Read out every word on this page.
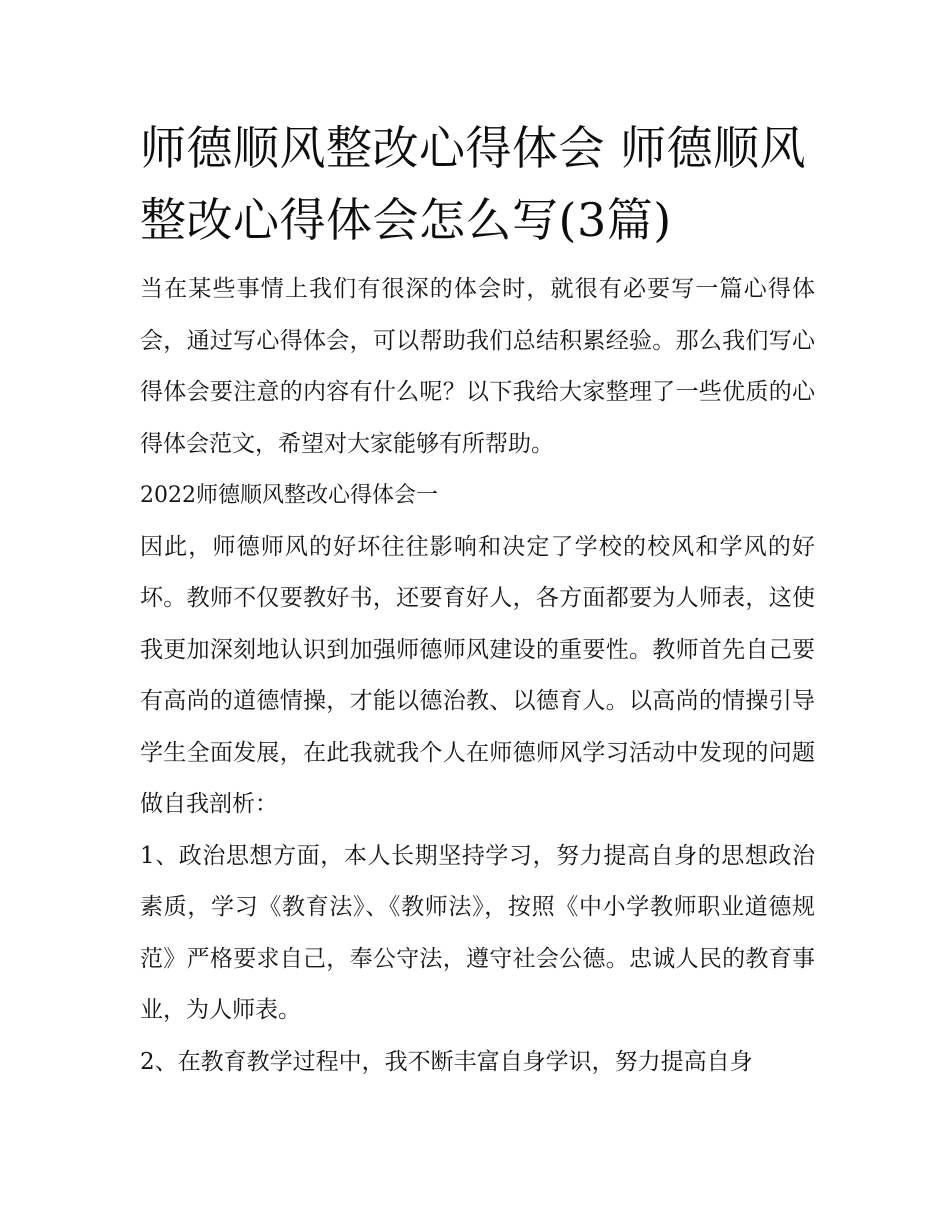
师德顺风整改心得体会 师德顺风整改心得体会怎么写(3篇)

当在某些事情上我们有很深的体会时，就很有必要写一篇心得体会，通过写心得体会，可以帮助我们总结积累经验。那么我们写心得体会要注意的内容有什么呢？以下我给大家整理了一些优质的心得体会范文，希望对大家能够有所帮助。

2022师德顺风整改心得体会一

因此，师德师风的好坏往往影响和决定了学校的校风和学风的好坏。教师不仅要教好书，还要育好人，各方面都要为人师表，这使我更加深刻地认识到加强师德师风建设的重要性。教师首先自己要有高尚的道德情操，才能以德治教、以德育人。以高尚的情操引导学生全面发展，在此我就我个人在师德师风学习活动中发现的问题做自我剖析：

1、政治思想方面，本人长期坚持学习，努力提高自身的思想政治素质，学习《教育法》、《教师法》，按照《中小学教师职业道德规范》严格要求自己，奉公守法，遵守社会公德。忠诚人民的教育事业，为人师表。

2、在教育教学过程中，我不断丰富自身学识，努力提高自身
